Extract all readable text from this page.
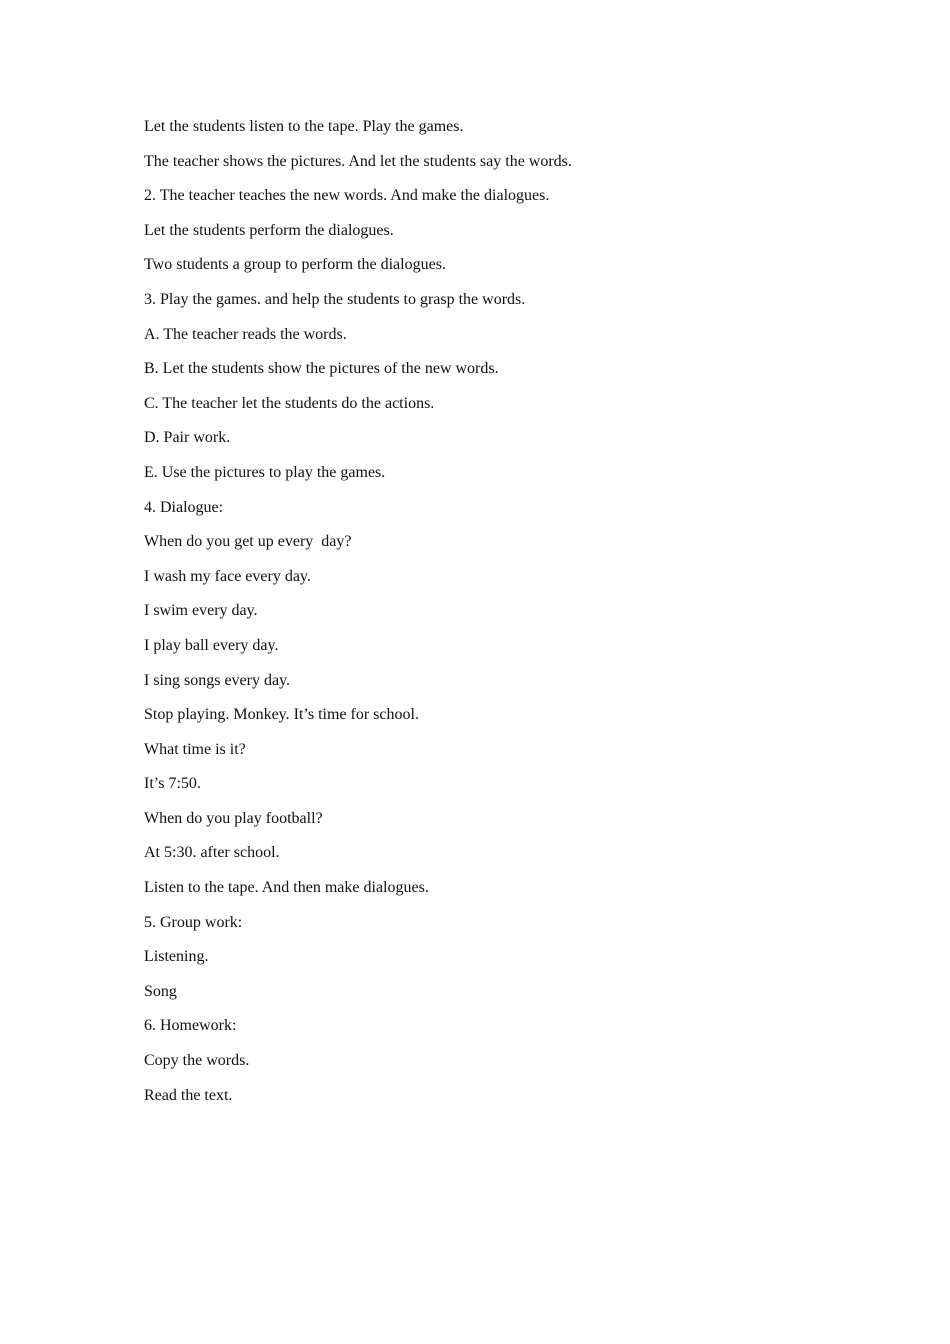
Let the students listen to the tape. Play the games.
The teacher shows the pictures. And let the students say the words.
2. The teacher teaches the new words. And make the dialogues.
Let the students perform the dialogues.
Two students a group to perform the dialogues.
3. Play the games. and help the students to grasp the words.
A. The teacher reads the words.
B. Let the students show the pictures of the new words.
C. The teacher let the students do the actions.
D. Pair work.
E. Use the pictures to play the games.
4. Dialogue:
When do you get up every  day?
I wash my face every day.
I swim every day.
I play ball every day.
I sing songs every day.
Stop playing. Monkey. It’s time for school.
What time is it?
It’s 7:50.
When do you play football?
At 5:30. after school.
Listen to the tape. And then make dialogues.
5. Group work:
Listening.
Song
6. Homework:
Copy the words.
Read the text.
